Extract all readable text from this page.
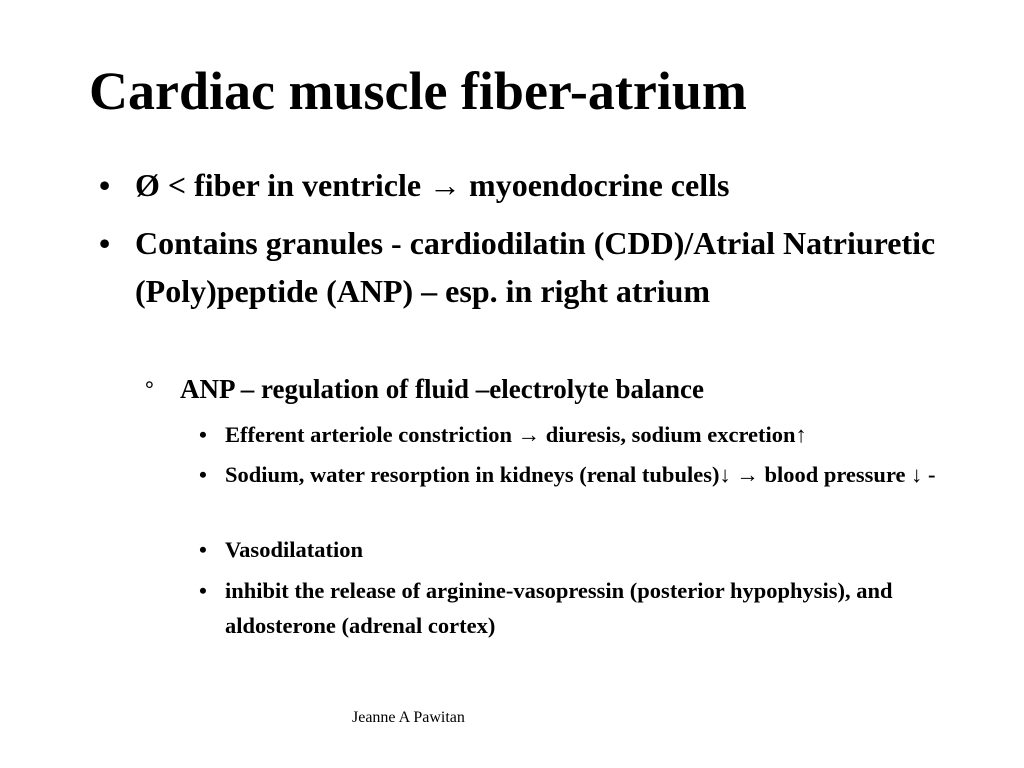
Cardiac muscle fiber-atrium
• Ø < fiber in ventricle → myoendocrine cells
• Contains granules - cardiodilatin (CDD)/Atrial Natriuretic (Poly)peptide (ANP) – esp. in right atrium
° ANP – regulation of fluid –electrolyte balance
• Efferent arteriole constriction → diuresis, sodium excretion↑
• Sodium, water resorption in kidneys (renal tubules)↓ → blood pressure ↓ -
• Vasodilatation
• inhibit the release of arginine-vasopressin (posterior hypophysis), and aldosterone (adrenal cortex)
Jeanne A Pawitan
